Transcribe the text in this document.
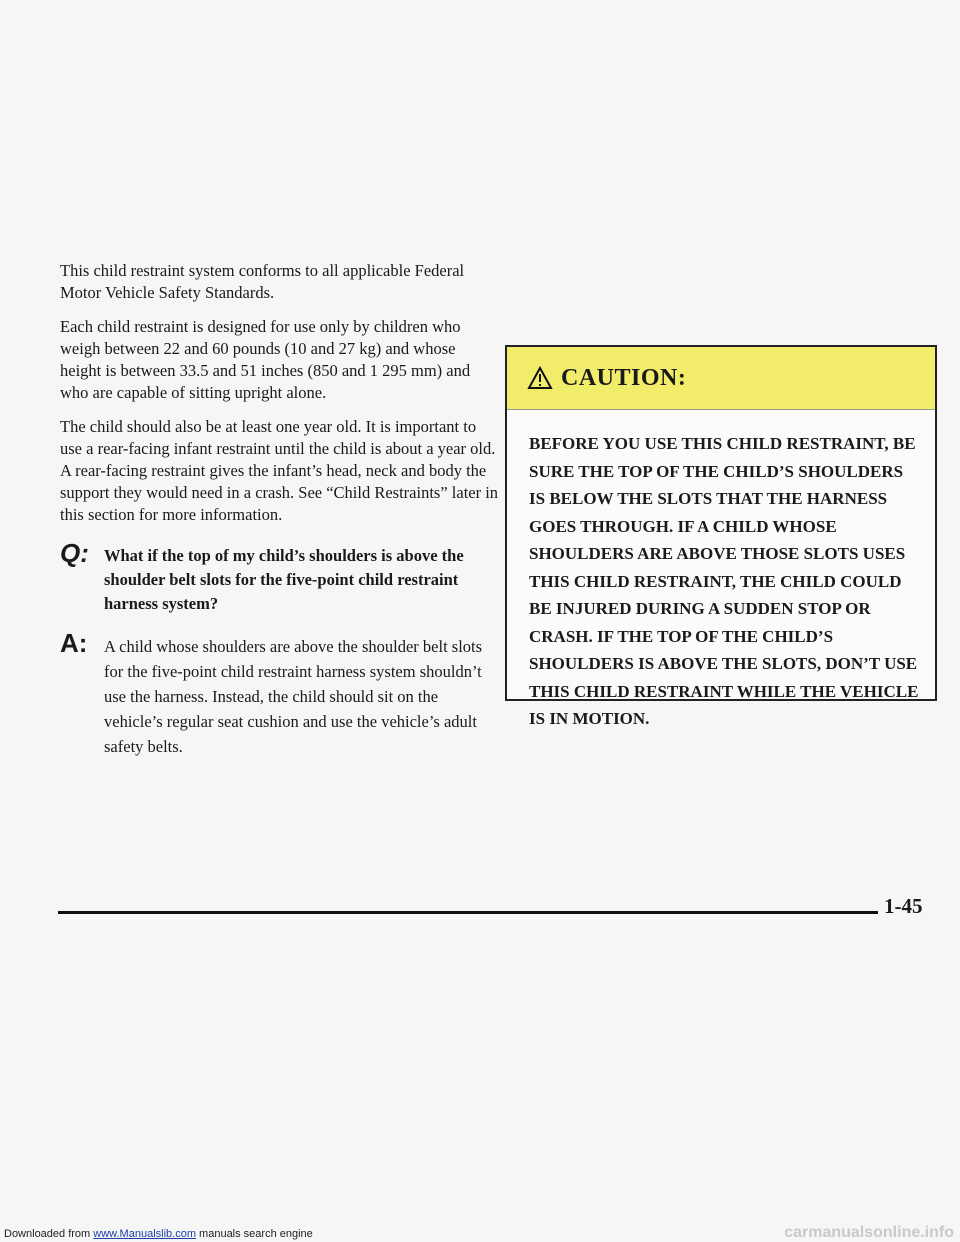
This child restraint system conforms to all applicable Federal Motor Vehicle Safety Standards.

Each child restraint is designed for use only by children who weigh between 22 and 60 pounds (10 and 27 kg) and whose height is between 33.5 and 51 inches (850 and 1 295 mm) and who are capable of sitting upright alone.

The child should also be at least one year old. It is important to use a rear-facing infant restraint until the child is about a year old. A rear-facing restraint gives the infant’s head, neck and body the support they would need in a crash. See “Child Restraints” later in this section for more information.

Q: What if the top of my child’s shoulders is above the shoulder belt slots for the five-point child restraint harness system?
A: A child whose shoulders are above the shoulder belt slots for the five-point child restraint harness system shouldn’t use the harness. Instead, the child should sit on the vehicle’s regular seat cushion and use the vehicle’s adult safety belts.
CAUTION:
BEFORE YOU USE THIS CHILD RESTRAINT, BE SURE THE TOP OF THE CHILD’S SHOULDERS IS BELOW THE SLOTS THAT THE HARNESS GOES THROUGH. IF A CHILD WHOSE SHOULDERS ARE ABOVE THOSE SLOTS USES THIS CHILD RESTRAINT, THE CHILD COULD BE INJURED DURING A SUDDEN STOP OR CRASH. IF THE TOP OF THE CHILD’S SHOULDERS IS ABOVE THE SLOTS, DON’T USE THIS CHILD RESTRAINT WHILE THE VEHICLE IS IN MOTION.
1-45
Downloaded from www.Manualslib.com manuals search engine	carmanualsonline.info
